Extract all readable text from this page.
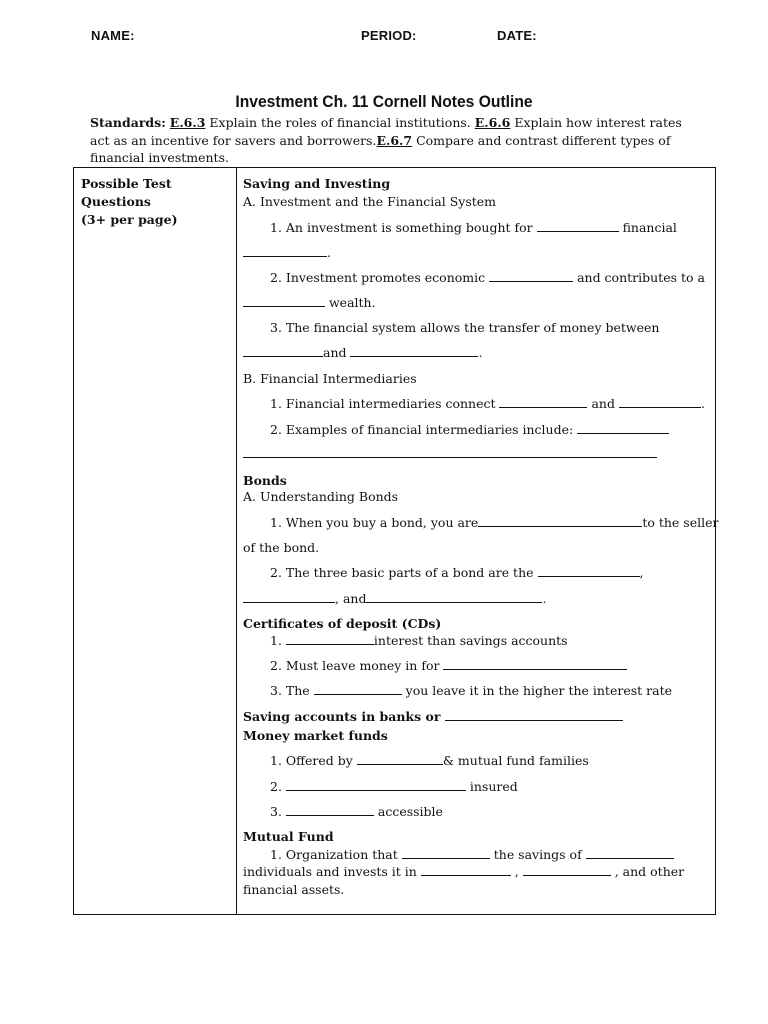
NAME:	PERIOD:	DATE:
Investment Ch. 11 Cornell Notes Outline
Standards: E.6.3 Explain the roles of financial institutions. E.6.6 Explain how interest rates act as an incentive for savers and borrowers.E.6.7 Compare and contrast different types of financial investments.
Possible Test Questions
(3+ per page)

Saving and Investing
A. Investment and the Financial System
1. An investment is something bought for	financial
.
2. Investment promotes economic	and contributes to a
wealth.
3. The financial system allows the transfer of money between
and	.
B. Financial Intermediaries
1. Financial intermediaries connect	and	.
2. Examples of financial intermediaries include:
Bonds
A. Understanding Bonds
1. When you buy a bond, you are	to the seller
of the bond.
2. The three basic parts of a bond are the	,
, and	.
Certificates of deposit (CDs)
1.	interest than savings accounts
2. Must leave money in for
3. The	you leave it in the higher the interest rate
Saving accounts in banks or
Money market funds
1. Offered by	& mutual fund families
2.	insured
3.	accessible
Mutual Fund
1. Organization that	the savings of
individuals and invests it in	,	, and other
financial assets.
